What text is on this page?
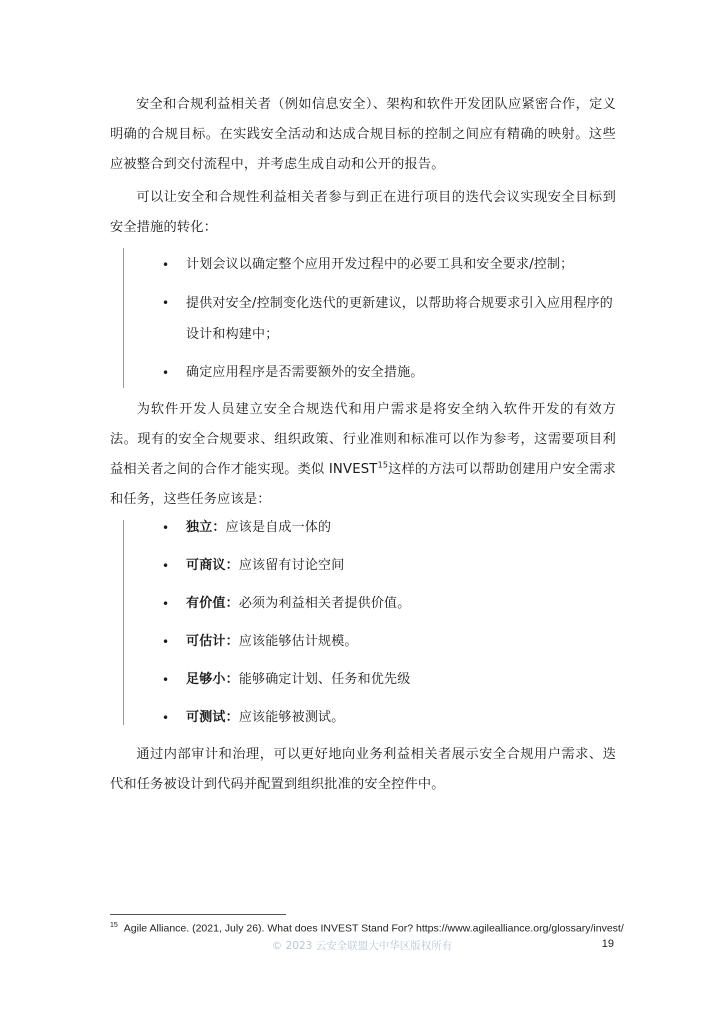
安全和合规利益相关者（例如信息安全）、架构和软件开发团队应紧密合作，定义明确的合规目标。在实践安全活动和达成合规目标的控制之间应有精确的映射。这些应被整合到交付流程中，并考虑生成自动和公开的报告。

可以让安全和合规性利益相关者参与到正在进行项目的迭代会议实现安全目标到安全措施的转化：

• 计划会议以确定整个应用开发过程中的必要工具和安全要求/控制；
• 提供对安全/控制变化迭代的更新建议，以帮助将合规要求引入应用程序的设计和构建中；
• 确定应用程序是否需要额外的安全措施。

为软件开发人员建立安全合规迭代和用户需求是将安全纳入软件开发的有效方法。现有的安全合规要求、组织政策、行业准则和标准可以作为参考，这需要项目利益相关者之间的合作才能实现。类似 INVEST$^{15}$这样的方法可以帮助创建用户安全需求和任务，这些任务应该是：

• 独立：应该是自成一体的
• 可商议：应该留有讨论空间
• 有价值：必须为利益相关者提供价值。
• 可估计：应该能够估计规模。
• 足够小：能够确定计划、任务和优先级
• 可测试：应该能够被测试。

通过内部审计和治理，可以更好地向业务利益相关者展示安全合规用户需求、迭代和任务被设计到代码并配置到组织批准的安全控件中。

$^{15}$ Agile Alliance. (2021, July 26). What does INVEST Stand For? https://www.agilealliance.org/glossary/invest/
© 2023 云安全联盟大中华区版权所有	19
